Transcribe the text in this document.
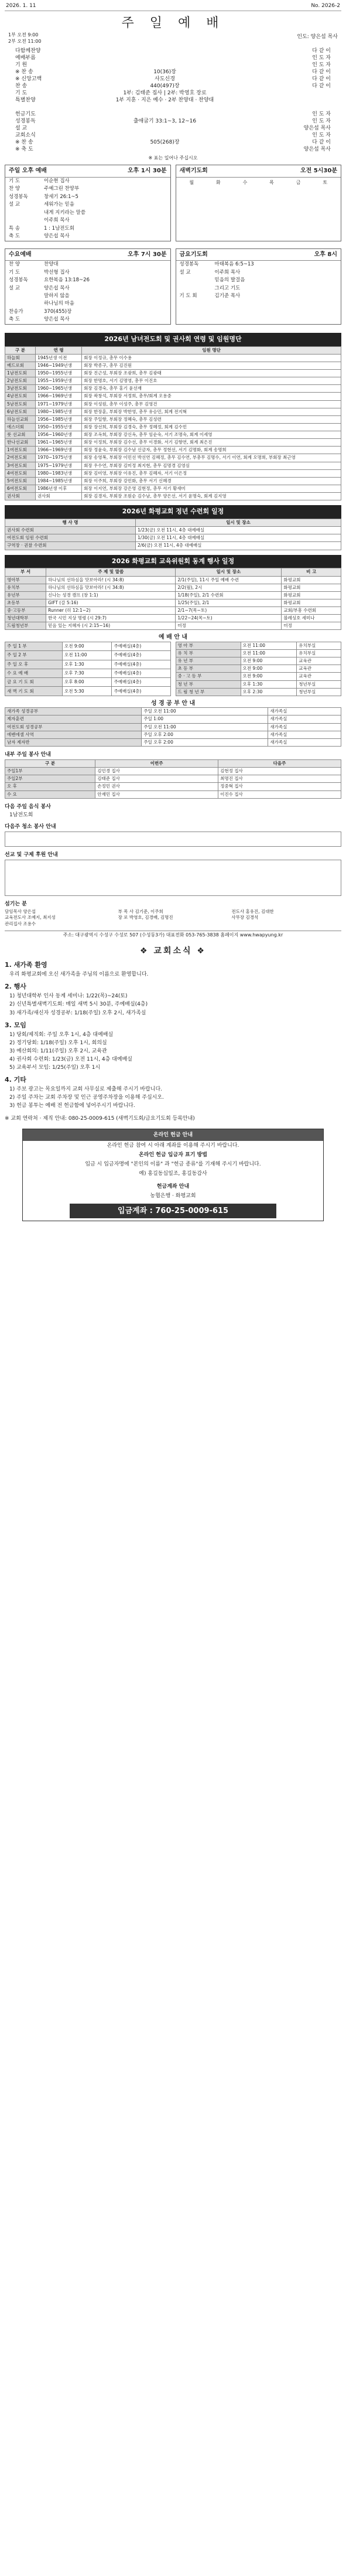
2026. 1. 11	No. 2026-2
주 일 예 배
인도: 양은섭 목사
1부 오전 9:00
2부 오전 11:00
다함께찬양	다 같 이
예배부름	인 도 자
기 원	인 도 자
※ 찬 송	10(36)장	다 같 이
※ 신앙고백	사도신경	다 같 이
찬 송	440(497)장	다 같 이
기 도	1부: 김태준 집사 | 2부: 박영호 장로
특별찬양	1부 지훈 · 지은 예수 · 2부 찬양대 · 찬양대
헌금기도	인 도 자
성경봉독	출애굽기 33:1~3, 12~16	인 도 자
설 교	양은섭 목사
교회소식	인 도 자
※ 찬 송	505(268)장	다 같 이
※ 축 도	양은섭 목사
※ 표는 일어나 주십시오
주일 오후 예배	오후 1시 30분
기 도	이순현 집사
찬 양	주예그린 찬양부
성경봉독	창세기 26:1~5
설 교	세워가는 믿음
내게 지키라는 말씀
이주희 목사
특 송	1 : 1남전도회
축 도	양은섭 목사
새벽기도회	오전 5시30분
월	화	수	목	금	토
수요예배	오후 7시 30분
찬 양	찬양대
기 도	박선형 집사
성경봉독	요한복음 13:18~26
설 교	양은섭 목사
말하지 않을
하나님의 마음
찬송가	370(455)장
축 도	양은섭 목사
금요기도회	오후 8시
성경봉독	마태복음 6:5~13
설 교	이주희 목사
믿음의 발걸음
그리고 기도
기 도 회	김기준 목사
2026년 남녀전도회 및 권사회 연령 및 임원명단
구 분	연 령	임원 명단
하늘회	1945년생 이전	회장 이정규, 총무 이수용
베드로회	1946~1949년생	회장 박종구, 총무 김진원
1남전도회	1950~1955년생	회장 진근성, 부회장 조광희, 총무 김광태
2남전도회	1955~1959년생	회장 한명호, 서기 김명영, 총무 이진호
3남전도회	1960~1965년생	회장 김경숙, 총무 홍기 윤선재
4남전도회	1966~1969년생	회장 곽창석, 부회장 서정희, 총무/회계 오용중
5남전도회	1971~1979년생	회장 이성원, 총무 이성주, 총무 김영건
6남전도회	1980~1985년생	회장 한장훈, 부회장 박한영, 총무 유승민, 회계 전지혁
하늘선교회	1956~1985년생	회장 주일향, 부회장 정혜숙, 총무 김성련
에스더회	1950~1955년생	회장 장선희, 부회장 김경숙, 총무 정혜정, 회계 김수민
룻 선교회	1956~1960년생	회장 조옥희, 부회장 강신옥, 총무 임순숙, 서기 조명숙, 회계 이세영
한나선교회	1961~1965년생	회장 이정희, 부회장 김수선, 총무 이경화, 서기 김향연, 회계 최은진
1여전도회	1966~1969년생	회장 정윤숙, 부회장 김수남 신금자, 총무 정현선, 서기 김명화, 회계 송명희
2여전도회	1970~1975년생	회장 송영복, 부회장 이민선 박선연 김혜정, 총무 김수연, 부총무 김명수, 서기 이연, 회계 오명희, 부회장 최근영
3여전도회	1975~1979년생	회장 우수연, 부회장 김미정 최지현, 총무 김명경 김영심
4여전도회	1980~1983년생	회장 김미영, 부회장 이유진, 총무 김혜자, 서기 이은정
5여전도회	1984~1985년생	회장 이주희, 부회장 강민화, 총무 서기 신혜경
6여전도회	1986년생 이후	회장 이지연, 부회장 강은영 김현정, 총무 서기 황새미
권사회	권사회	회장 김경자, 부회장 조원순 김수남, 총무 양은선, 서기 윤명숙, 회계 김지영
2026년 화평교회 정년 수련회 일정
행 사 명	일시 및 장소
권사회 수련회	1/23(금) 오전 11시, 4층 대예배실
여전도회 임원 수련회	1/30(금) 오전 11시, 4층 대예배실
구역장 · 권찰 수련회	2/6(금) 오전 11시, 4층 대예배실
2026 화평교회 교육위원회 동계 행사 일정
부 서	주 제 및 말씀	일시 및 장소	비 고
영아부	하나님의 선하심을 맛보아라! (시 34:8)	2/1(주일), 11시 주일 예배 수련	화평교회
유치부	하나님의 선하심을 맛보아라! (시 34:8)	2/2(월), 2시	화평교회
유년부	신나는 성경 캠프 (창 1:1)	1/18(주일), 2/1 수련회	화평교회
초등부	GIFT (갈 5:16)	1/25(주일), 2/1	화평교회
중·고등부	Runner (히 12:1~2)	2/1~7(목~토)	교회/부흥 수련회
청년대학부	한국 시민 지상 명령 (시 29:7)	1/22~24(목~토)	블레싱호 세미나
드림청년부	믿음 있는 지혜자 (시 2:15~16)	미정	미정
예 배 안 내
주 일 1 부	오전 9:00	주예배실(4층)
주 일 2 부	오전 11:00	주예배실(4층)
주 일 오 후	오후 1:30	주예배실(4층)
수 요 예 배	오후 7:30	주예배실(4층)
금 요 기 도 회	오후 8:00	주예배실(4층)
새 벽 기 도 회	오전 5:30	주예배실(4층)
영 아 부	오전 11:00	유치부실
유 치 부	오전 11:00	유치부실
유 년 부	오전 9:00	교육관
초 등 부	오전 9:00	교육관
중 · 고 등 부	오전 9:00	교육관
청 년 부	오후 1:30	청년부실
드 림 청 년 부	오후 2:30	청년부실
성 경 공 부 안 내
새가족 성경공부	주일 오전 11:00	새가족실
제자훈련	주일 1:00	새가족실
여전도회 성경공부	주일 오전 11:00	새가족실
에벤에셀 사역	주일 오후 2:00	새가족실
남자 제자반	주일 오후 2:00	새가족실
내부 주일 봉사 안내
구 분	이번주	다음주
주일1부	김민경 집사	김현정 집사
주일2부	김태준 집사	최명진 집사
오 후	손정민 권사	정중혁 집사
수 요	안재민 집사	이진수 집사
다음 주일 음식 봉사
1남전도회
다음주 청소 봉사 안내
선교 및 구제 후원 안내
섬기는 분
담임목사 양은섭	부 목 사 김기준, 이주희	전도사 홍유진, 김대한
교육전도사 조예지, 최지성	장 로 박영호, 김경배, 김명진	사무장 김경석
관리집사 조용수
주소: 대구광역시 수성구 수성로 507 (수성동3가) 대표전화 053-765-3838 홈페이지 www.hwapyung.kr
❖ 교회소식 ❖
1. 새가족 환영
우리 화평교회에 오신 새가족을 주님의 이름으로 환영합니다.
2. 행사
1) 청년대학부 인사 동계 세미나: 1/22(목)~24(토)
2) 신년특별새벽기도회: 매일 새벽 5시 30분, 주예배실(4층)
3) 새가족/새신자 성경공부: 1/18(주일) 오후 2시, 새가족실
3. 모임
1) 당회/제직회: 주일 오후 1시, 4층 대예배실
2) 정기당회: 1/18(주일) 오후 1시, 회의실
3) 예산회의: 1/11(주일) 오후 2시, 교육관
4) 권사회 수련회: 1/23(금) 오전 11시, 4층 대예배실
5) 교육부서 모임: 1/25(주일) 오후 1시
4. 기타
1) 주보 광고는 목요일까지 교회 사무실로 제출해 주시기 바랍니다.
2) 주일 주차는 교회 주차장 및 인근 공영주차장을 이용해 주십시오.
3) 헌금 봉투는 예배 전 헌금함에 넣어주시기 바랍니다.
※ 교회 연락처 · 제직 안내: 080-25-0009-615 (새벽기도회/금요기도회 등록안내)
온라인 헌금 안내
온라인 헌금 참여 시 아래 계좌를 이용해 주시기 바랍니다.
온라인 헌금 입금자 표기 방법
입금 시 입금자명에 "본인의 이름" 과 "헌금 종류"를 기재해 주시기 바랍니다.
예) 홍길동십일조, 홍길동감사
헌금계좌 안내
농협은행 · 화평교회
입금계좌 : 760-25-0009-615
